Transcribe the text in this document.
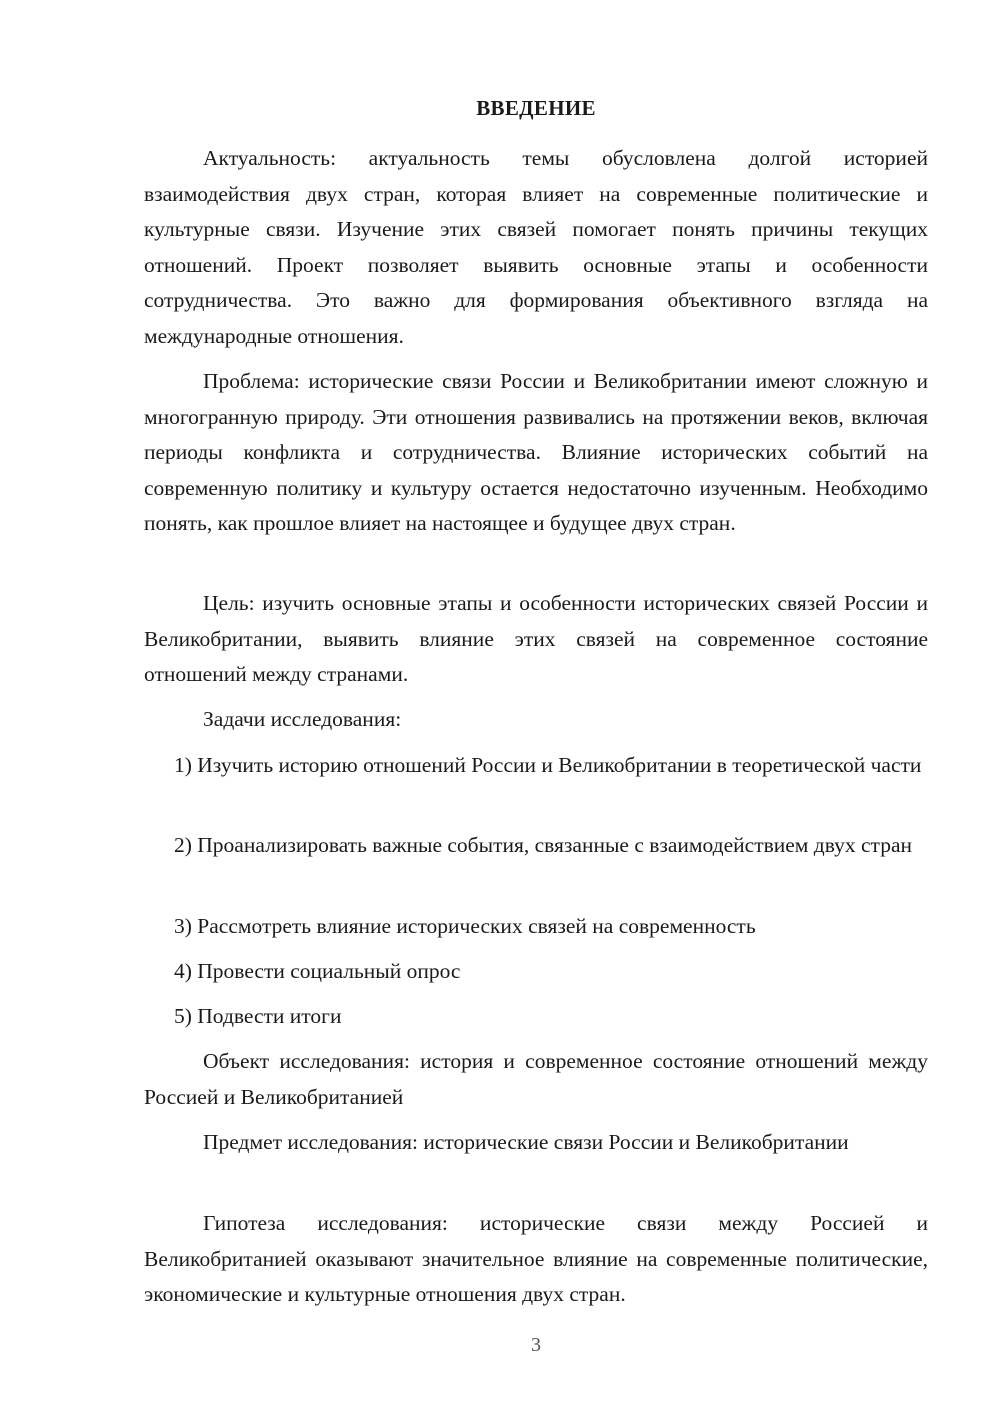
ВВЕДЕНИЕ

Актуальность: актуальность темы обусловлена долгой историей взаимодействия двух стран, которая влияет на современные политические и культурные связи. Изучение этих связей помогает понять причины текущих отношений. Проект позволяет выявить основные этапы и особенности сотрудничества. Это важно для формирования объективного взгляда на международные отношения.

Проблема: исторические связи России и Великобритании имеют сложную и многогранную природу. Эти отношения развивались на протяжении веков, включая периоды конфликта и сотрудничества. Влияние исторических событий на современную политику и культуру остается недостаточно изученным. Необходимо понять, как прошлое влияет на настоящее и будущее двух стран.

Цель: изучить основные этапы и особенности исторических связей России и Великобритании, выявить влияние этих связей на современное состояние отношений между странами.

Задачи исследования:

1) Изучить историю отношений России и Великобритании в теоретической части

2) Проанализировать важные события, связанные с взаимодействием двух стран

3) Рассмотреть влияние исторических связей на современность

4) Провести социальный опрос

5) Подвести итоги

Объект исследования: история и современное состояние отношений между Россией и Великобританией

Предмет исследования: исторические связи России и Великобритании

Гипотеза исследования: исторические связи между Россией и Великобританией оказывают значительное влияние на современные политические, экономические и культурные отношения двух стран.

3
